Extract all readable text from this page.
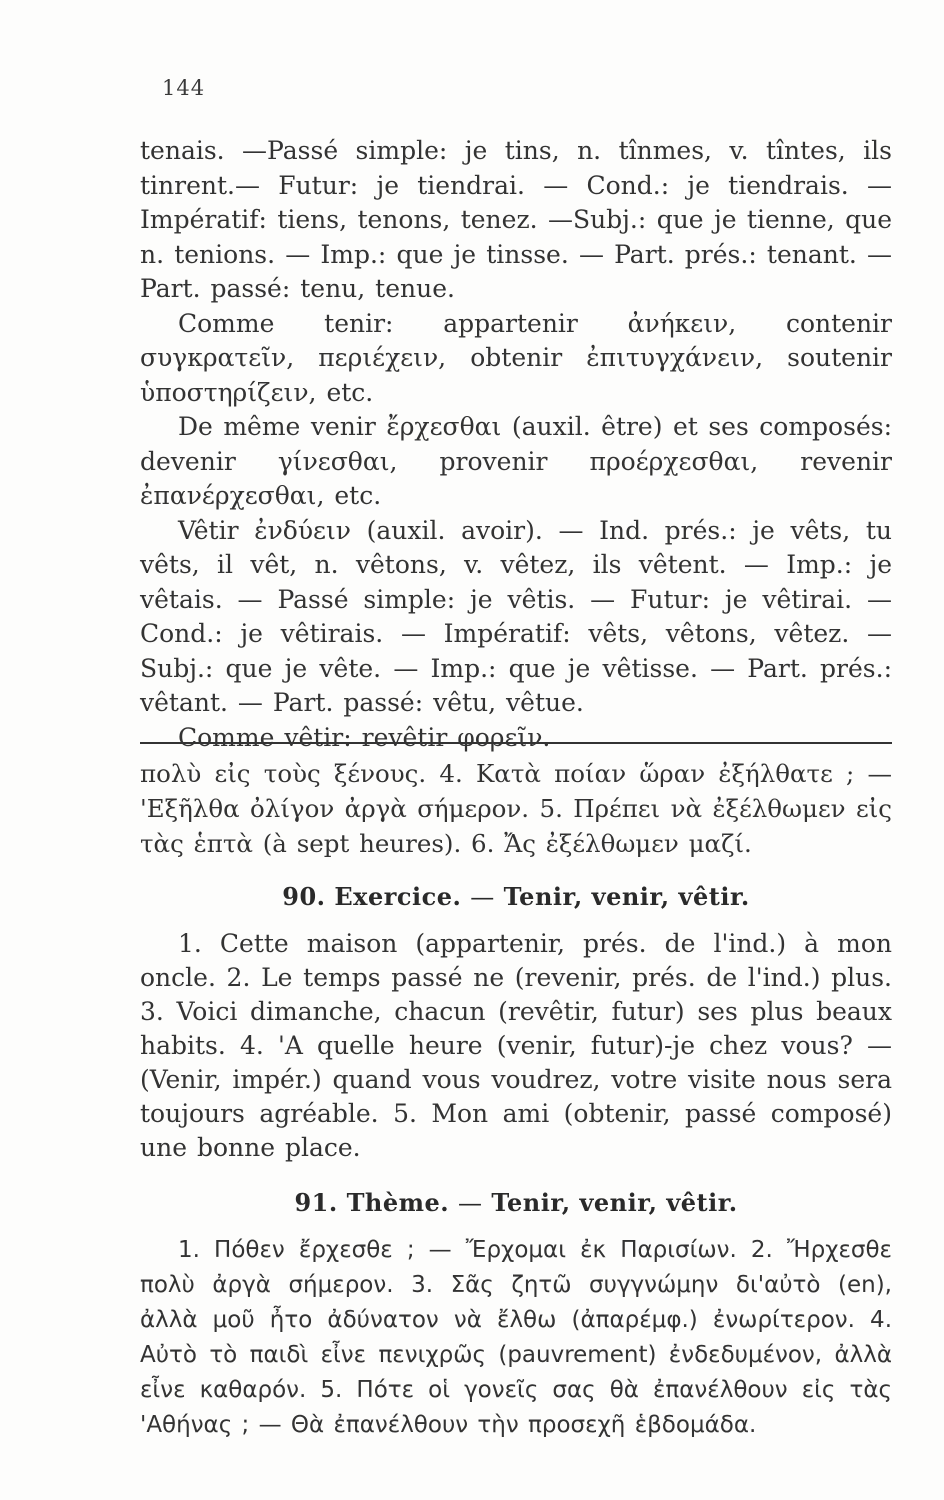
144

tenais. —Passé simple: je tins, n. tînmes, v. tîntes, ils tinrent.— Futur: je tiendrai. — Cond.: je tiendrais. — Impératif: tiens, tenons, tenez. —Subj.: que je tienne, que n. tenions. — Imp.: que je tinsse. — Part. prés.: tenant. — Part. passé: tenu, tenue.

Comme tenir: appartenir ἀνήκειν, contenir συγκρατεῖν, περιέχειν, obtenir ἐπιτυγχάνειν, soutenir ὑποστηρίζειν, etc.

De même venir ἔρχεσθαι (auxil. être) et ses composés: devenir γίνεσθαι, provenir προέρχεσθαι, revenir ἐπανέρχεσθαι, etc.

Vêtir ἐνδύειν (auxil. avoir). — Ind. prés.: je vêts, tu vêts, il vêt, n. vêtons, v. vêtez, ils vêtent. — Imp.: je vêtais. — Passé simple: je vêtis. — Futur: je vêtirai. — Cond.: je vêtirais. — Impératif: vêts, vêtons, vêtez. — Subj.: que je vête. — Imp.: que je vêtisse. — Part. prés.: vêtant. — Part. passé: vêtu, vêtue.

Comme vêtir: revêtir φορεῖν.

πολὺ εἰς τοὺς ξένους. 4. Κατὰ ποίαν ὥραν ἐξήλθατε ; — 'Εξῆλθα ὀλίγον ἀργὰ σήμερον. 5. Πρέπει νὰ ἐξέλθωμεν εἰς τὰς ἑπτὰ (à sept heures). 6. Ἄς ἐξέλθωμεν μαζί.

90. Exercice. — Tenir, venir, vêtir.

1. Cette maison (appartenir, prés. de l'ind.) à mon oncle. 2. Le temps passé ne (revenir, prés. de l'ind.) plus. 3. Voici dimanche, chacun (revêtir, futur) ses plus beaux habits. 4. 'A quelle heure (venir, futur)-je chez vous? — (Venir, impér.) quand vous voudrez, votre visite nous sera toujours agréable. 5. Mon ami (obtenir, passé composé) une bonne place.

91. Thème. — Tenir, venir, vêtir.

1. Πόθεν ἔρχεσθε ; — Ἔρχομαι ἐκ Παρισίων. 2. Ἤρχεσθε πολὺ ἀργὰ σήμερον. 3. Σᾶς ζητῶ συγγνώμην δι'αὐτὸ (en), ἀλλὰ μοῦ ἦτο ἀδύνατον νὰ ἔλθω (ἀπαρέμφ.) ἐνωρίτερον. 4. Αὐτὸ τὸ παιδὶ εἶνε πενιχρῶς (pauvrement) ἐνδεδυμένον, ἀλλὰ εἶνε καθαρόν. 5. Πότε οἱ γονεῖς σας θὰ ἐπανέλθουν εἰς τὰς 'Αθήνας ; — Θὰ ἐπανέλθουν τὴν προσεχῆ ἑβδομάδα.
